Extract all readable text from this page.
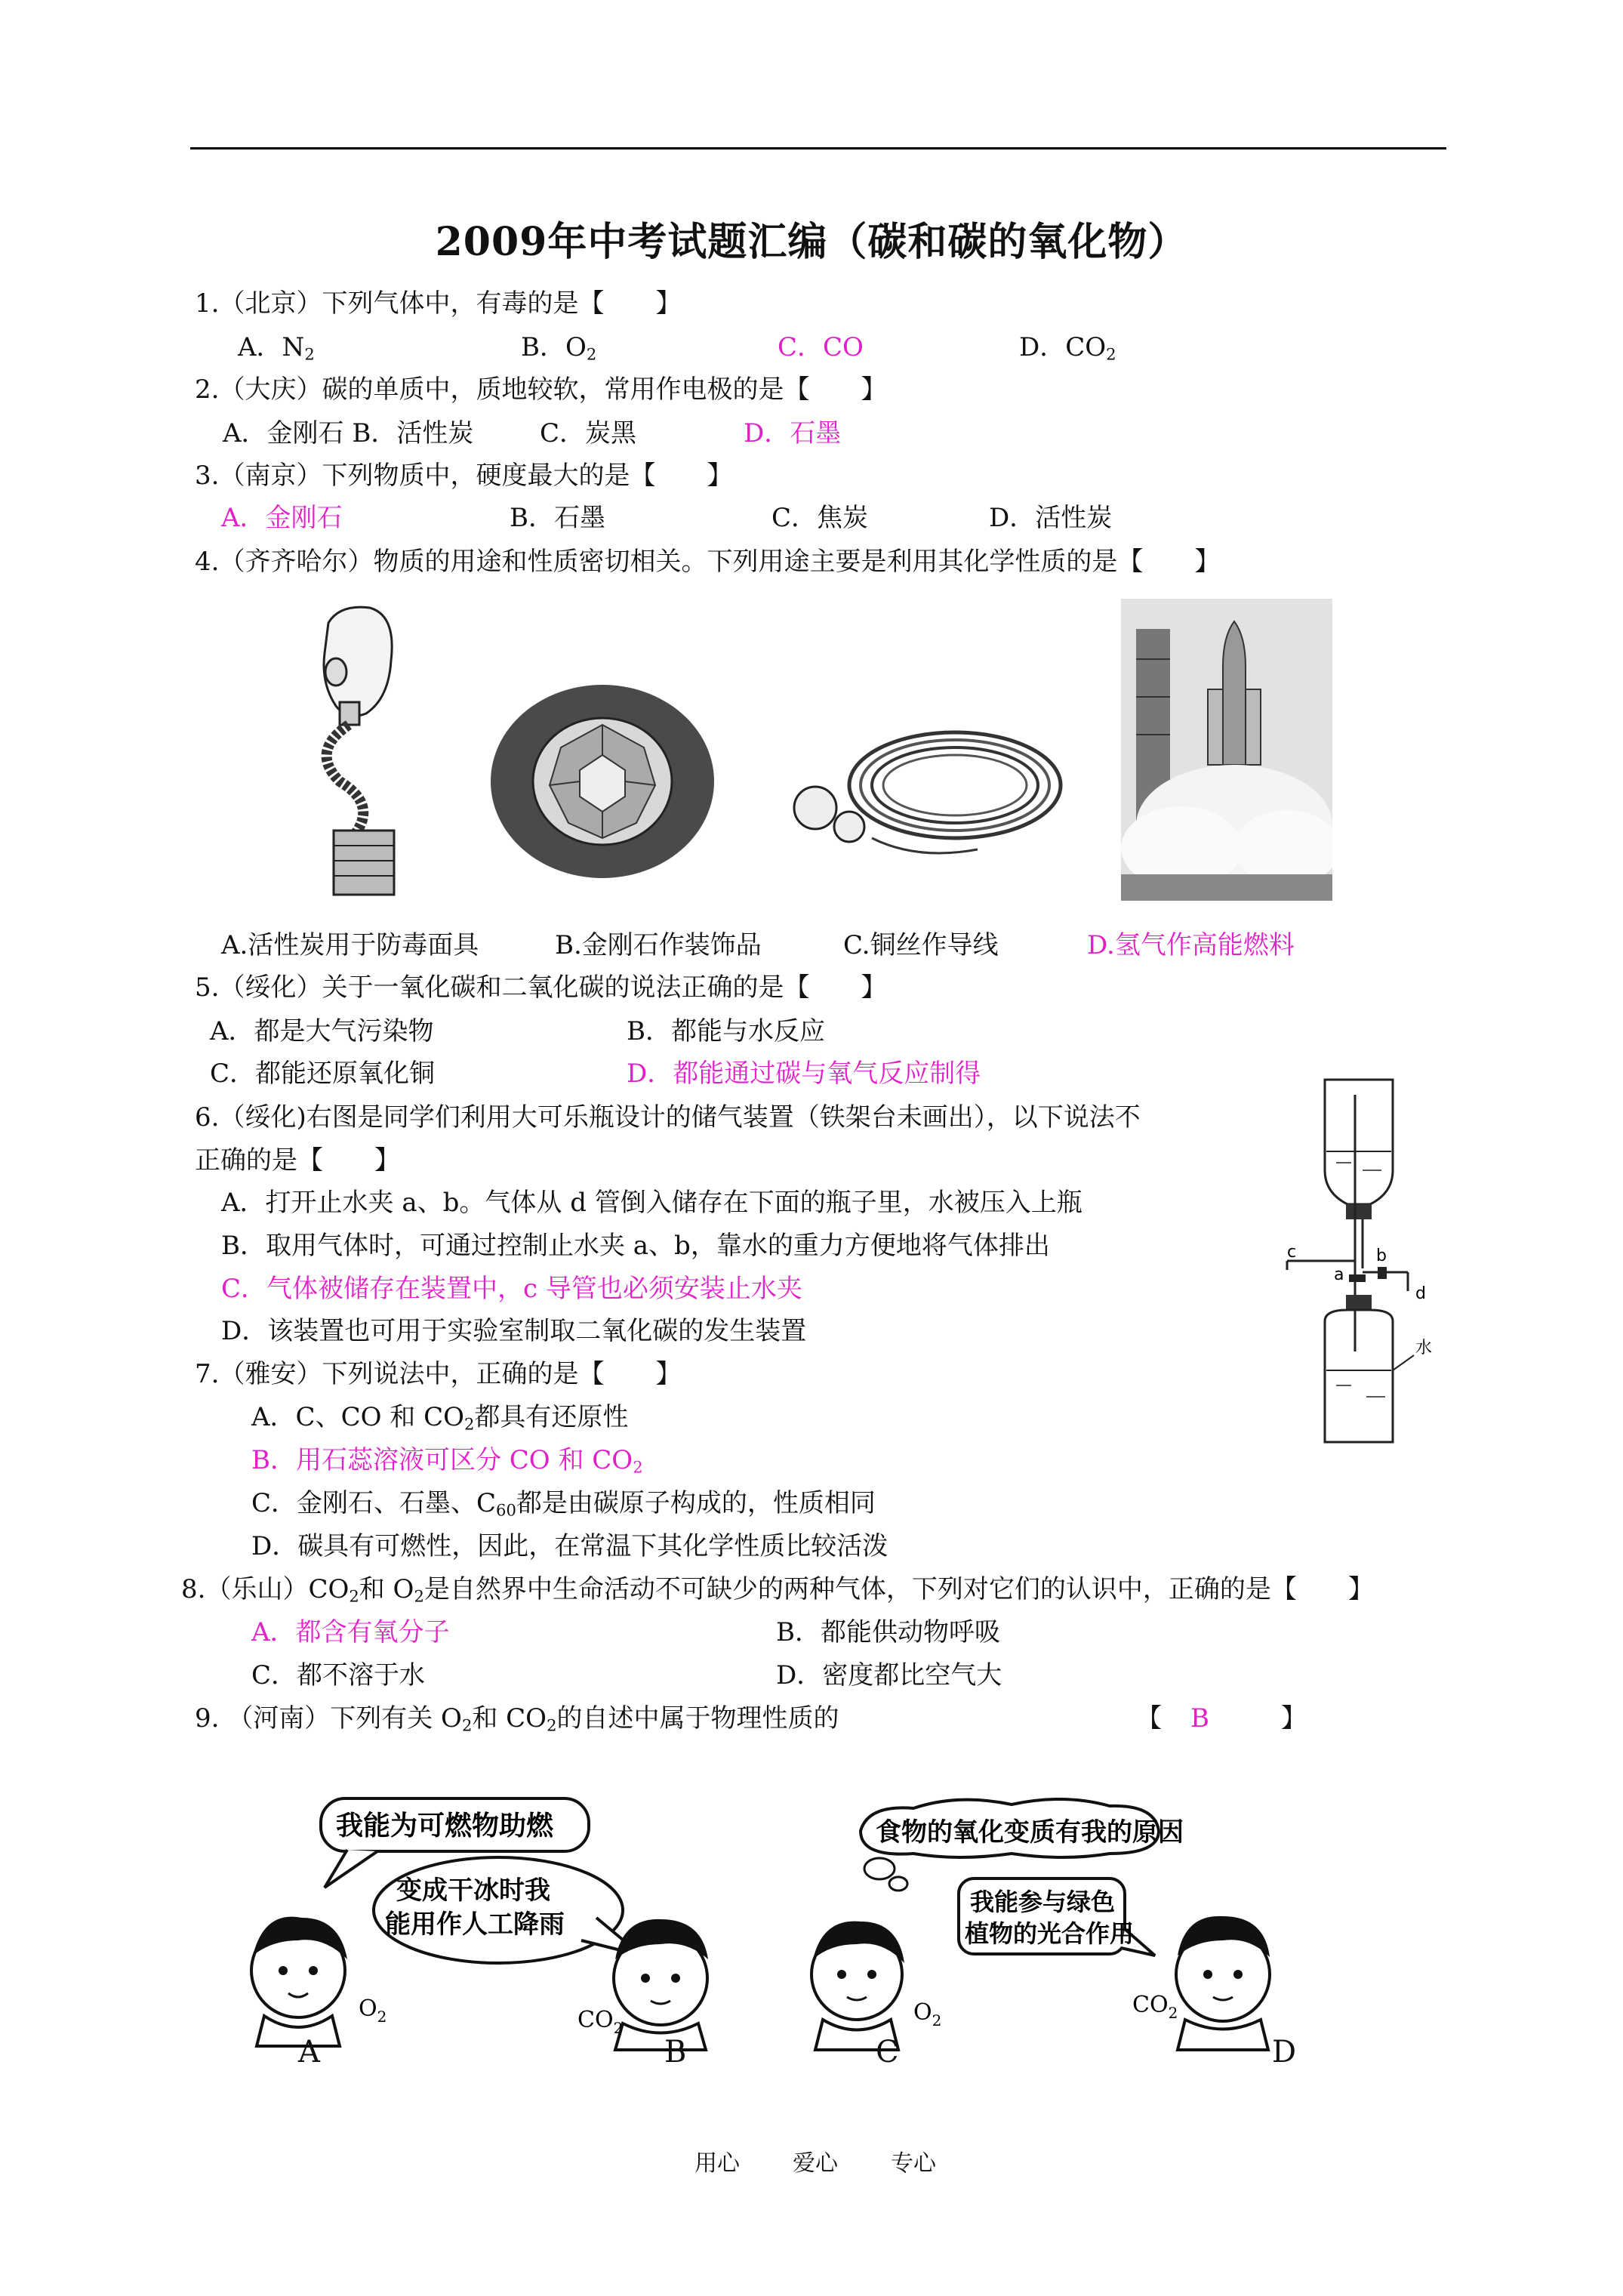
2009年中考试题汇编（碳和碳的氧化物）
1.（北京）下列气体中，有毒的是【　　】
A．$N_2$	B．$O_2$	C．CO	D．$CO_2$
2.（大庆）碳的单质中，质地较软，常用作电极的是【　　】
A．金刚石 B．活性炭	C．炭黑	D．石墨
3.（南京）下列物质中，硬度最大的是【　　】
A．金刚石	B．石墨	C．焦炭	D．活性炭
4.（齐齐哈尔）物质的用途和性质密切相关。下列用途主要是利用其化学性质的是【　　】
A.活性炭用于防毒面具	B.金刚石作装饰品	C.铜丝作导线	D.氢气作高能燃料
5.（绥化）关于一氧化碳和二氧化碳的说法正确的是【　　】
A．都是大气污染物	B．都能与水反应
C．都能还原氧化铜	D．都能通过碳与氧气反应制得
6.（绥化)右图是同学们利用大可乐瓶设计的储气装置（铁架台未画出），以下说法不
正确的是【　　】
A．打开止水夹 a、b。气体从 d 管倒入储存在下面的瓶子里，水被压入上瓶
B．取用气体时，可通过控制止水夹 a、b，靠水的重力方便地将气体排出
C．气体被储存在装置中，c 导管也必须安装止水夹
D．该装置也可用于实验室制取二氧化碳的发生装置
c
a
b
d
水
7.（雅安）下列说法中，正确的是【　　】
A．C、CO 和 $CO_2$都具有还原性
B．用石蕊溶液可区分 CO 和 $CO_2$
C．金刚石、石墨、$C_{60}$都是由碳原子构成的，性质相同
D．碳具有可燃性，因此，在常温下其化学性质比较活泼
8.（乐山）$CO_2$和 $O_2$是自然界中生命活动不可缺少的两种气体，下列对它们的认识中，正确的是【　　】
A．都含有氧分子	B．都能供动物呼吸
C．都不溶于水	D．密度都比空气大
9. （河南）下列有关 $O_2$和 $CO_2$的自述中属于物理性质的	【 B	】
我能为可燃物助燃
变成干冰时我
能用作人工降雨
$O_2$	$CO_2$
食物的氧化变质有我的原因
我能参与绿色
植物的光合作用
$O_2$
$CO_2$
A	B	C	D
用心 爱心 专心
